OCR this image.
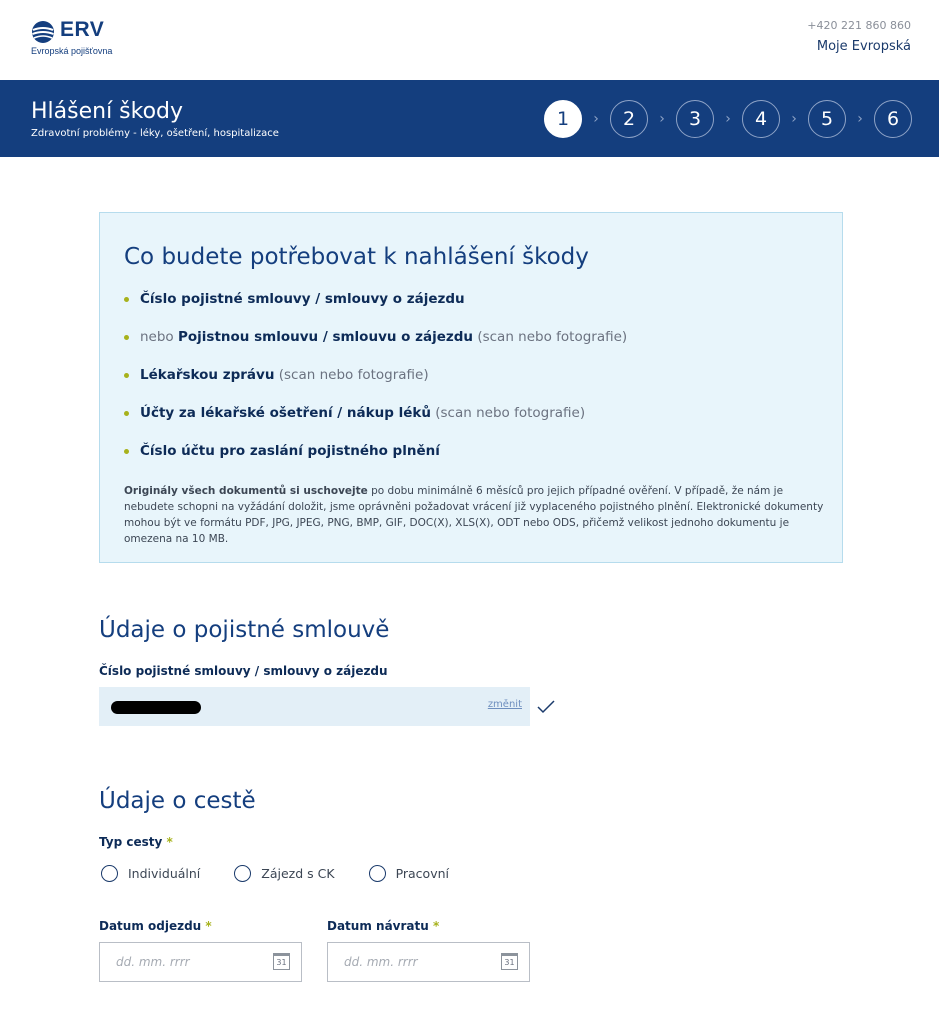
ERV
Evropská pojišťovna
+420 221 860 860
Moje Evropská
Hlášení škody
Zdravotní problémy - léky, ošetření, hospitalizace
1	›	2	›	3	›	4	›	5	›	6
Co budete potřebovat k nahlášení škody
Číslo pojistné smlouvy / smlouvy o zájezdu
nebo Pojistnou smlouvu / smlouvu o zájezdu (scan nebo fotografie)
Lékařskou zprávu (scan nebo fotografie)
Účty za lékařské ošetření / nákup léků (scan nebo fotografie)
Číslo účtu pro zaslání pojistného plnění

Originály všech dokumentů si uschovejte po dobu minimálně 6 měsíců pro jejich případné ověření. V případě, že nám je nebudete schopni na vyžádání doložit, jsme oprávněni požadovat vrácení již vyplaceného pojistného plnění. Elektronické dokumenty mohou být ve formátu PDF, JPG, JPEG, PNG, BMP, GIF, DOC(X), XLS(X), ODT nebo ODS, přičemž velikost jednoho dokumentu je omezena na 10 MB.

Údaje o pojistné smlouvě
Číslo pojistné smlouvy / smlouvy o zájezdu
změnit
Údaje o cestě
Typ cesty *
Individuální	Zájezd s CK	Pracovní
Datum odjezdu *	Datum návratu *
dd. mm. rrrr	31	dd. mm. rrrr	31
